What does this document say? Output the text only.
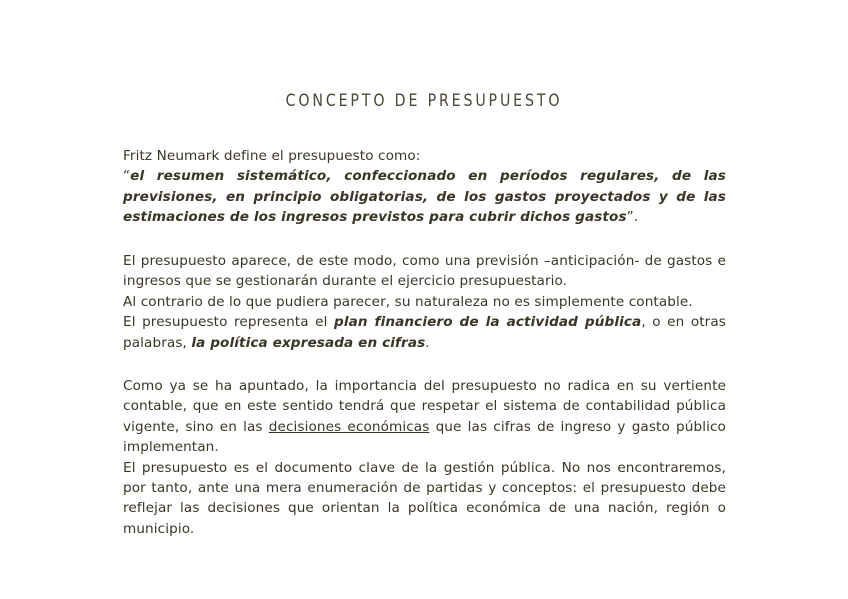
CONCEPTO DE PRESUPUESTO

Fritz Neumark define el presupuesto como:

“el resumen sistemático, confeccionado en períodos regulares, de las previsiones, en principio obligatorias, de los gastos proyectados y de las estimaciones de los ingresos previstos para cubrir dichos gastos”.

El presupuesto aparece, de este modo, como una previsión –anticipación- de gastos e ingresos que se gestionarán durante el ejercicio presupuestario.

Al contrario de lo que pudiera parecer, su naturaleza no es simplemente contable.

El presupuesto representa el plan financiero de la actividad pública, o en otras palabras, la política expresada en cifras.

Como ya se ha apuntado, la importancia del presupuesto no radica en su vertiente contable, que en este sentido tendrá que respetar el sistema de contabilidad pública vigente, sino en las decisiones económicas que las cifras de ingreso y gasto público implementan.

El presupuesto es el documento clave de la gestión pública. No nos encontraremos, por tanto, ante una mera enumeración de partidas y conceptos: el presupuesto debe reflejar las decisiones que orientan la política económica de una nación, región o municipio.
